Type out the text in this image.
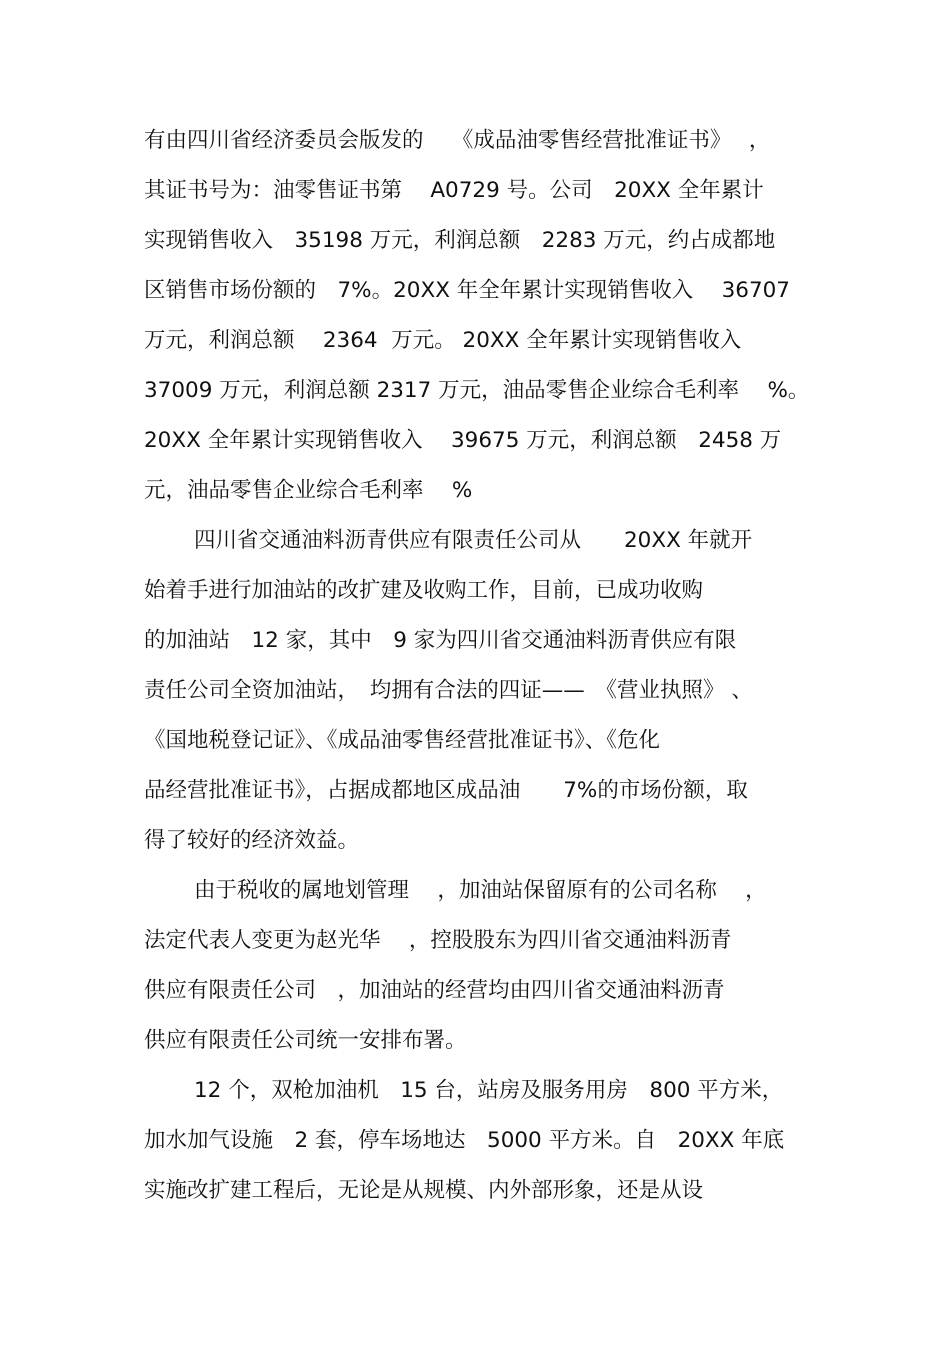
有由四川省经济委员会版发的　 《成品油零售经营批准证书》　 ，
其证书号为：油零售证书第　 A0729 号。公司　20XX 全年累计
实现销售收入　35198 万元，利润总额　2283 万元，约占成都地
区销售市场份额的　7%。20XX 年全年累计实现销售收入　 36707
万元，利润总额　 2364  万元。 20XX 全年累计实现销售收入
37009 万元，利润总额 2317 万元，油品零售企业综合毛利率　 %。
20XX 全年累计实现销售收入　 39675 万元，利润总额　2458 万
元，油品零售企业综合毛利率　 %
四川省交通油料沥青供应有限责任公司从　　20XX 年就开
始着手进行加油站的改扩建及收购工作，目前，已成功收购
的加油站　12 家，其中　9 家为四川省交通油料沥青供应有限
责任公司全资加油站，　均拥有合法的四证——　《营业执照》 、
《国地税登记证》、《成品油零售经营批准证书》、《危化
品经营批准证书》，占据成都地区成品油　　7%的市场份额，取
得了较好的经济效益。
由于税收的属地划管理　 ，加油站保留原有的公司名称　 ，
法定代表人变更为赵光华　 ，控股股东为四川省交通油料沥青
供应有限责任公司　，加油站的经营均由四川省交通油料沥青
供应有限责任公司统一安排布署。
12 个，双枪加油机　15 台，站房及服务用房　800 平方米，
加水加气设施　2 套，停车场地达　5000 平方米。自　20XX 年底
实施改扩建工程后，无论是从规模、内外部形象，还是从设
